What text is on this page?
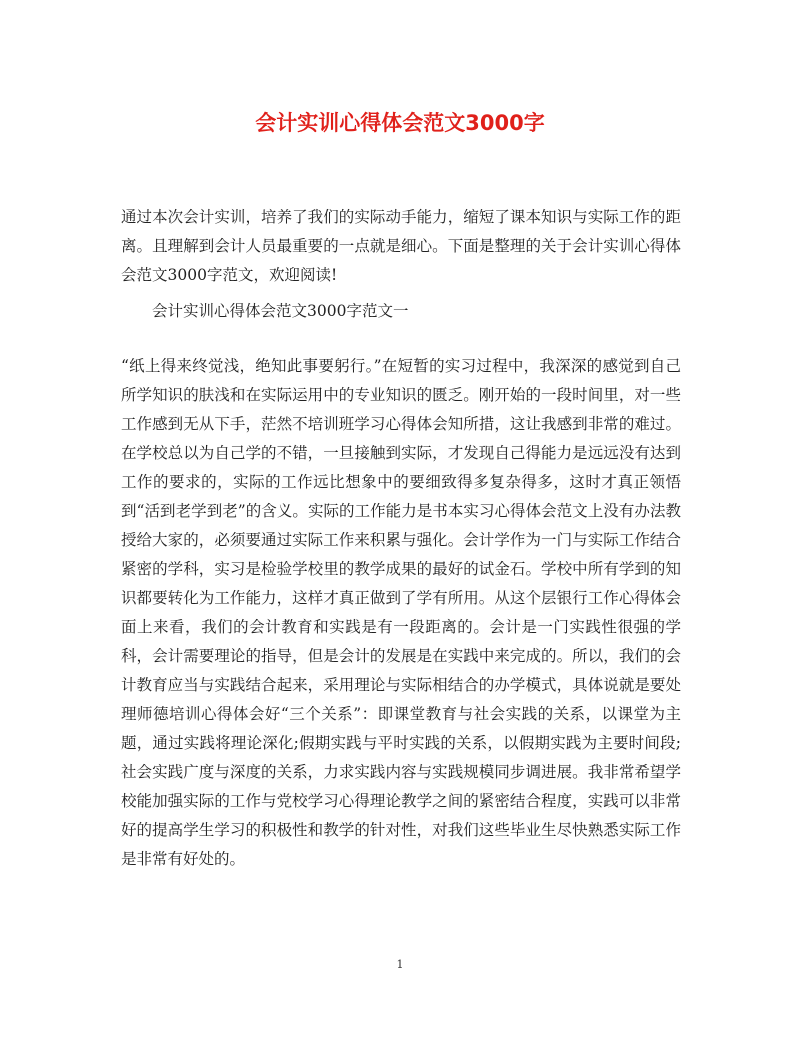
会计实训心得体会范文3000字

通过本次会计实训，培养了我们的实际动手能力，缩短了课本知识与实际工作的距离。且理解到会计人员最重要的一点就是细心。下面是整理的关于会计实训心得体会范文3000字范文，欢迎阅读!

会计实训心得体会范文3000字范文一

“纸上得来终觉浅，绝知此事要躬行。”在短暂的实习过程中，我深深的感觉到自己所学知识的肤浅和在实际运用中的专业知识的匮乏。刚开始的一段时间里，对一些工作感到无从下手，茫然不培训班学习心得体会知所措，这让我感到非常的难过。在学校总以为自己学的不错，一旦接触到实际，才发现自己得能力是远远没有达到工作的要求的，实际的工作远比想象中的要细致得多复杂得多，这时才真正领悟到“活到老学到老”的含义。实际的工作能力是书本实习心得体会范文上没有办法教授给大家的，必须要通过实际工作来积累与强化。会计学作为一门与实际工作结合紧密的学科，实习是检验学校里的教学成果的最好的试金石。学校中所有学到的知识都要转化为工作能力，这样才真正做到了学有所用。从这个层银行工作心得体会面上来看，我们的会计教育和实践是有一段距离的。会计是一门实践性很强的学科，会计需要理论的指导，但是会计的发展是在实践中来完成的。所以，我们的会计教育应当与实践结合起来，采用理论与实际相结合的办学模式，具体说就是要处理师德培训心得体会好“三个关系”：即课堂教育与社会实践的关系，以课堂为主题，通过实践将理论深化;假期实践与平时实践的关系，以假期实践为主要时间段;社会实践广度与深度的关系，力求实践内容与实践规模同步调进展。我非常希望学校能加强实际的工作与党校学习心得理论教学之间的紧密结合程度，实践可以非常好的提高学生学习的积极性和教学的针对性，对我们这些毕业生尽快熟悉实际工作是非常有好处的。

1
